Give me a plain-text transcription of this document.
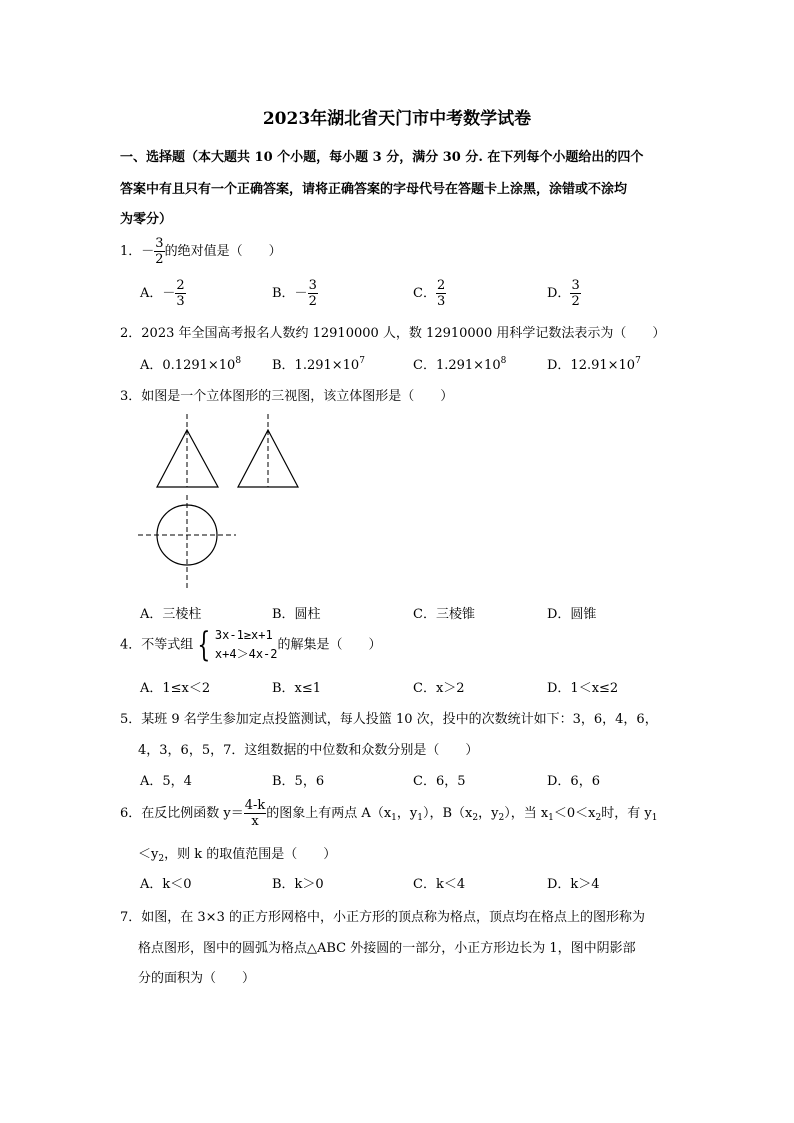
2023年湖北省天门市中考数学试卷
一、选择题（本大题共 10 个小题，每小题 3 分，满分 30 分. 在下列每个小题给出的四个
答案中有且只有一个正确答案，请将正确答案的字母代号在答题卡上涂黑，涂错或不涂均
为零分）
1．－ $\frac{3}{2}$ 的绝对值是（　　）
A．－ $\frac{2}{3}$	B．－ $\frac{3}{2}$	C． $\frac{2}{3}$	D． $\frac{3}{2}$
2．2023 年全国高考报名人数约 12910000 人，数 12910000 用科学记数法表示为（　　）
A．$0.1291\times 10^8$ B．$1.291\times 10^7$	C．$1.291\times 10^8$	D．$12.91\times 10^7$
3．如图是一个立体图形的三视图，该立体图形是（　　）
A．三棱柱	B．圆柱	C．三棱锥	D．圆锥
4．不等式组 { 3x-1≥x+1
x+4＞4x-2
的解集是（　　）
A．1≤x＜2	B．x≤1	C．x＞2	D．1＜x≤2
5．某班 9 名学生参加定点投篮测试，每人投篮 10 次，投中的次数统计如下：3，6，4，6，
4，3，6，5，7．这组数据的中位数和众数分别是（　　）
A．5，4	B．5，6	C．6，5	D．6，6
6．在反比例函数 $y= \frac{4-k}{x}$ 的图象上有两点 $A(x_1$，$y_1$），$B(x_2$，$y_2$），当 $x_1<0<x_2$时，有 $y_1$
$<y_2$，则 k 的取值范围是（　　）
A．k＜0	B．k＞0	C．k＜4	D．k＞4
7．如图，在 3×3 的正方形网格中，小正方形的顶点称为格点，顶点均在格点上的图形称为
格点图形，图中的圆弧为格点△ABC 外接圆的一部分，小正方形边长为 1，图中阴影部
分的面积为（　　）
